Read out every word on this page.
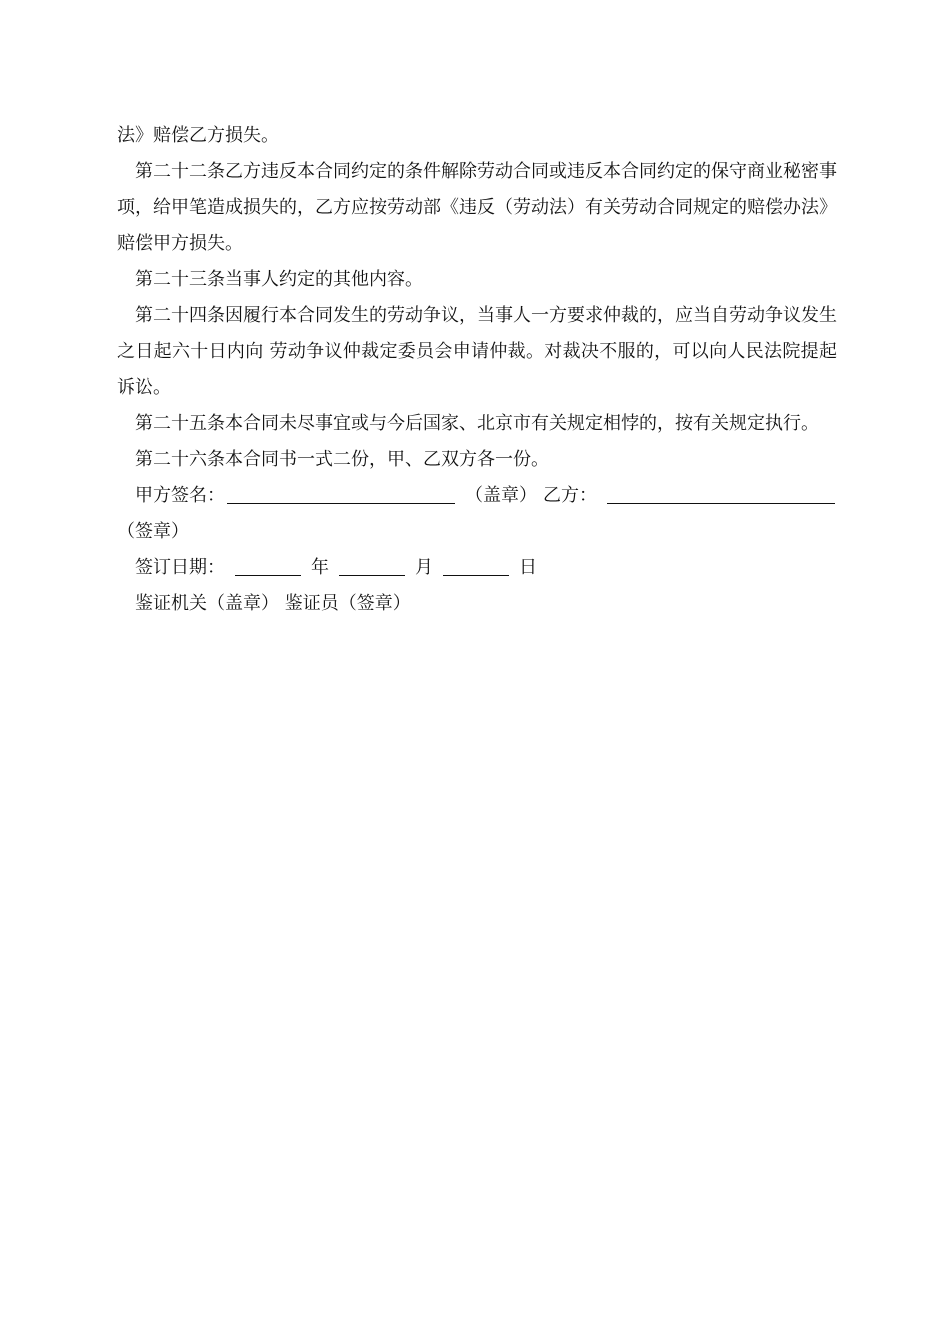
法》赔偿乙方损失。

第二十二条乙方违反本合同约定的条件解除劳动合同或违反本合同约定的保守商业秘密事项，给甲笔造成损失的，乙方应按劳动部《违反（劳动法）有关劳动合同规定的赔偿办法》赔偿甲方损失。

第二十三条当事人约定的其他内容。

第二十四条因履行本合同发生的劳动争议，当事人一方要求仲裁的，应当自劳动争议发生之日起六十日内向 劳动争议仲裁定委员会申请仲裁。对裁决不服的，可以向人民法院提起诉讼。

第二十五条本合同未尽事宜或与今后国家、北京市有关规定相悖的，按有关规定执行。

第二十六条本合同书一式二份，甲、乙双方各一份。

甲方签名：	（盖章） 乙方：

（签章）

签订日期：	年	月	日

鉴证机关（盖章） 鉴证员（签章）
